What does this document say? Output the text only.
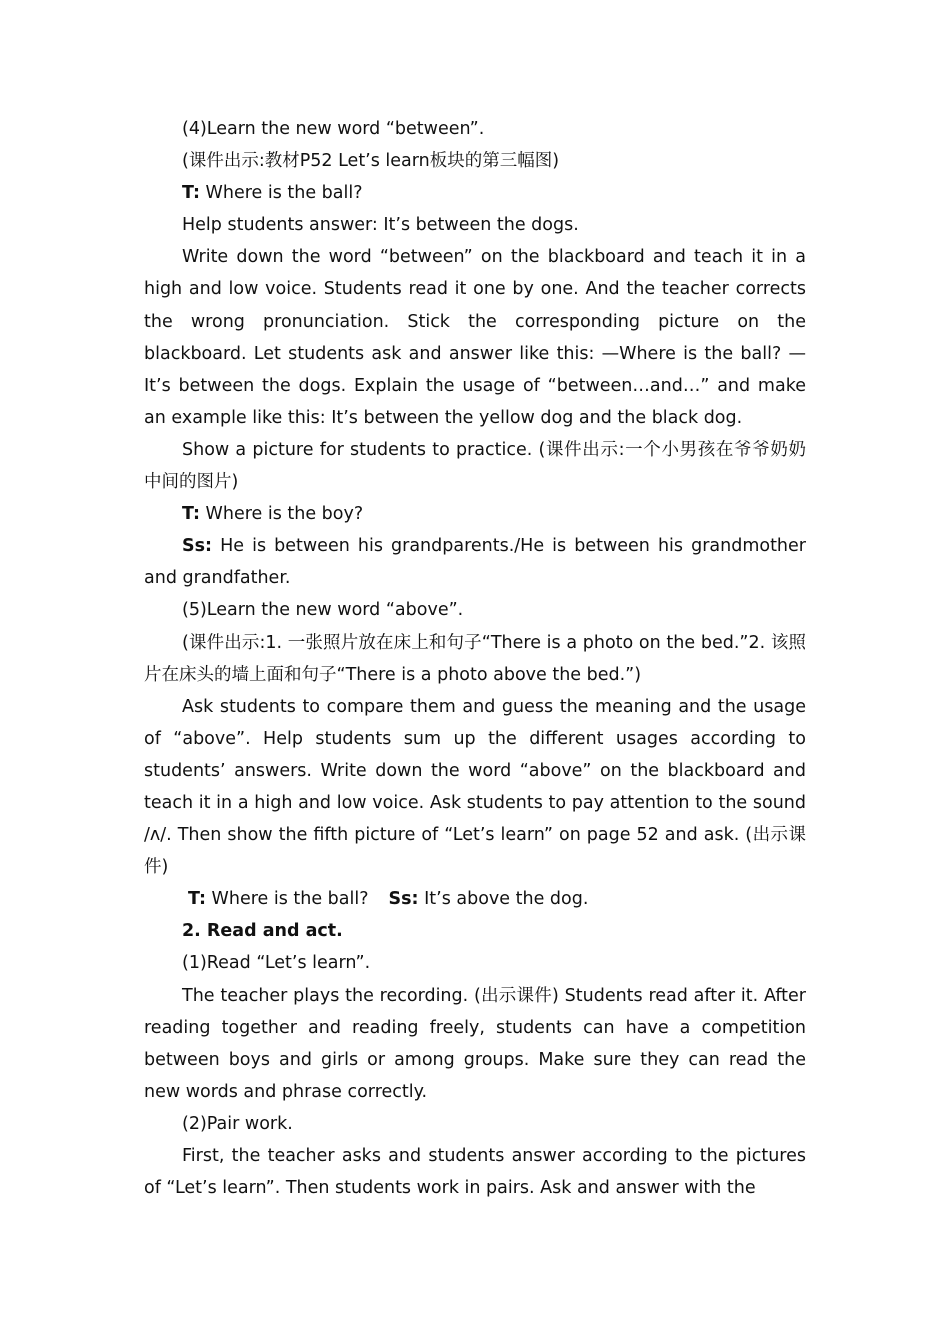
(4)Learn the new word “between”.

(课件出示:教材P52 Let’s learn板块的第三幅图)

T: Where is the ball?

Help students answer: It’s between the dogs.

Write down the word “between” on the blackboard and teach it in a high and low voice. Students read it one by one. And the teacher corrects the wrong pronunciation. Stick the corresponding picture on the blackboard. Let students ask and answer like this: —Where is the ball? —It’s between the dogs. Explain the usage of “between…and…” and make an example like this: It’s between the yellow dog and the black dog.

Show a picture for students to practice. (课件出示:一个小男孩在爷爷奶奶中间的图片)

T: Where is the boy?

Ss: He is between his grandparents./He is between his grandmother and grandfather.

(5)Learn the new word “above”.

(课件出示:1. 一张照片放在床上和句子“There is a photo on the bed.”2. 该照片在床头的墙上面和句子“There is a photo above the bed.”)

Ask students to compare them and guess the meaning and the usage of “above”. Help students sum up the different usages according to students’ answers. Write down the word “above” on the blackboard and teach it in a high and low voice. Ask students to pay attention to the sound /ʌ/. Then show the fifth picture of “Let’s learn” on page 52 and ask. (出示课件)

T: Where is the ball? Ss: It’s above the dog.

2. Read and act.

(1)Read “Let’s learn”.

The teacher plays the recording. (出示课件) Students read after it. After reading together and reading freely, students can have a competition between boys and girls or among groups. Make sure they can read the new words and phrase correctly.

(2)Pair work.

First, the teacher asks and students answer according to the pictures of “Let’s learn”. Then students work in pairs. Ask and answer with the
